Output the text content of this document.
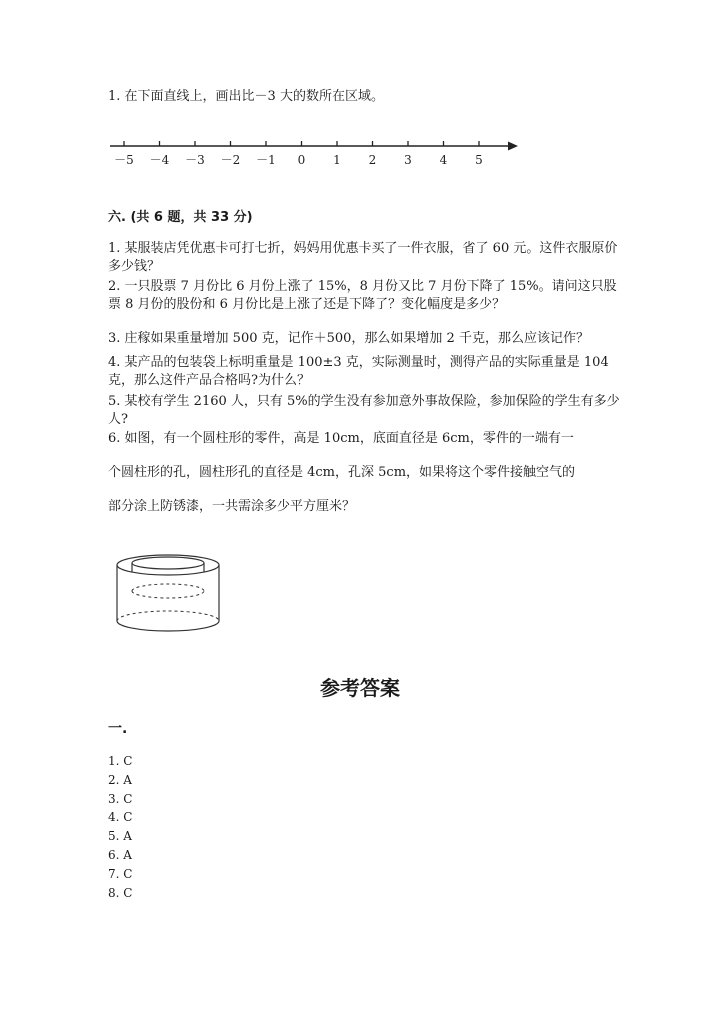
1. 在下面直线上，画出比－3 大的数所在区域。
－5 －4 －3 －2 －1 0 1 2 3 4 5
六. (共 6 题，共 33 分)
1. 某服装店凭优惠卡可打七折，妈妈用优惠卡买了一件衣服，省了 60 元。这件衣服原价多少钱？
2. 一只股票 7 月份比 6 月份上涨了 15%，8 月份又比 7 月份下降了 15%。请问这只股票 8 月份的股份和 6 月份比是上涨了还是下降了？变化幅度是多少？
3. 庄稼如果重量增加 500 克，记作＋500，那么如果增加 2 千克，那么应该记作？
4. 某产品的包装袋上标明重量是 100±3 克，实际测量时，测得产品的实际重量是 104 克，那么这件产品合格吗?为什么？
5. 某校有学生 2160 人，只有 5%的学生没有参加意外事故保险，参加保险的学生有多少人?
6. 如图，有一个圆柱形的零件，高是 10cm，底面直径是 6cm，零件的一端有一
个圆柱形的孔，圆柱形孔的直径是 4cm，孔深 5cm，如果将这个零件接触空气的
部分涂上防锈漆，一共需涂多少平方厘米？
参考答案
一.
1. C
2. A
3. C
4. C
5. A
6. A
7. C
8. C
